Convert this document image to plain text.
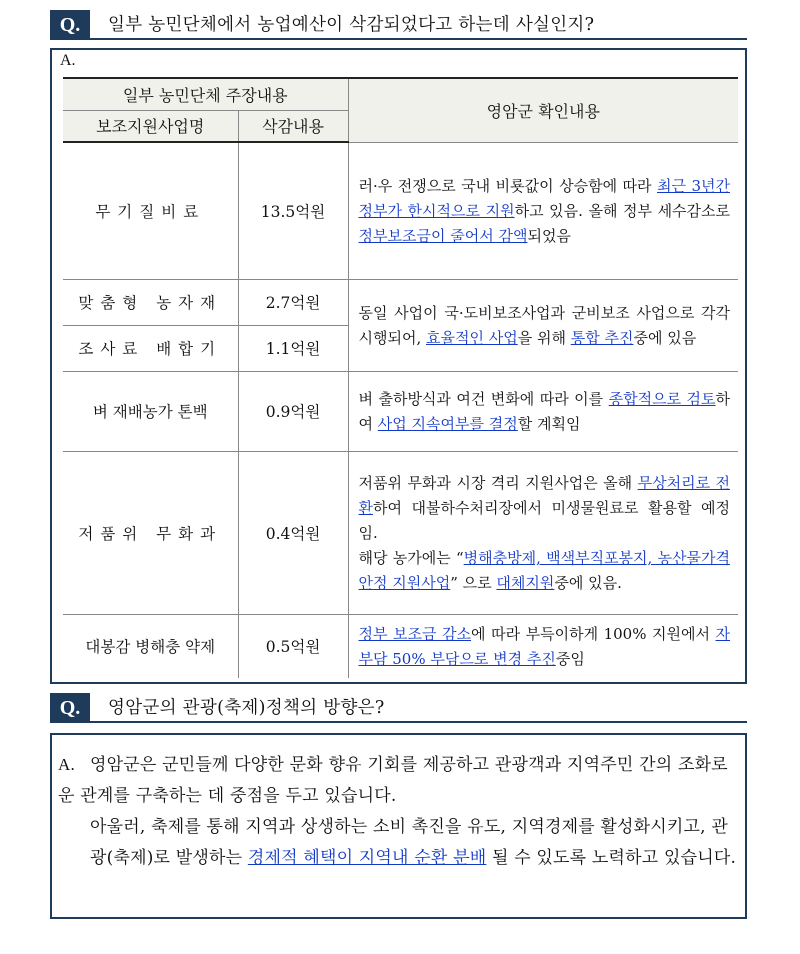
Q.	일부 농민단체에서 농업예산이 삭감되었다고 하는데 사실인지?
A.
일부 농민단체 주장내용		영암군 확인내용
보조지원사업명	삭감내용	
무기질비료	13.5억원	러·우 전쟁으로 국내 비룟값이 상승함에 따라 최근 3년간 정부가 한시적으로 지원하고 있음. 올해 정부 세수감소로 정부보조금이 줄어서 감액되었음
맞춤형 농자재	2.7억원	동일 사업이 국·도비보조사업과 군비보조 사업으로 각각 시행되어, 효율적인 사업을 위해 통합 추진중에 있음
조사료 배합기	1.1억원	
벼 재배농가 톤백	0.9억원	벼 출하방식과 여건 변화에 따라 이를 종합적으로 검토하여 사업 지속여부를 결정할 계획임
저품위 무화과	0.4억원	저품위 무화과 시장 격리 지원사업은 올해 무상처리로 전환하여 대불하수처리장에서 미생물원료로 활용할 예정임.
해당 농가에는 “병해충방제, 백색부직포봉지, 농산물가격안정 지원사업” 으로 대체지원중에 있음.
대봉감 병해충 약제	0.5억원	정부 보조금 감소에 따라 부득이하게 100% 지원에서 자부담 50% 부담으로 변경 추진중임
Q.	영암군의 관광(축제)정책의 방향은?

A. 영암군은 군민들께 다양한 문화 향유 기회를 제공하고 관광객과 지역주민 간의 조화로운 관계를 구축하는 데 중점을 두고 있습니다.

아울러, 축제를 통해 지역과 상생하는 소비 촉진을 유도, 지역경제를 활성화시키고, 관광(축제)로 발생하는 경제적 혜택이 지역내 순환 분배 될 수 있도록 노력하고 있습니다.
